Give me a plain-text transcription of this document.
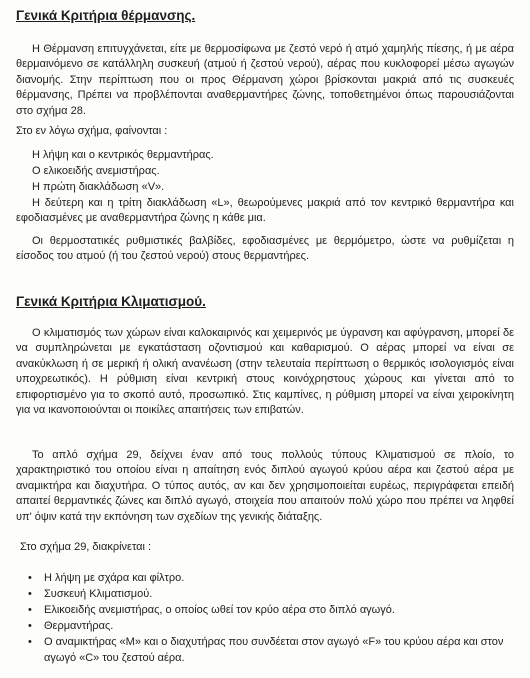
Γενικά Κριτήρια θέρμανσης.
Η Θέρμανση επιτυγχάνεται, είτε με θερμοσίφωνα με ζεστό νερό ή ατμό χαμηλής πίεσης, ή με αέρα θερμαινόμενο σε κατάλληλη συσκευή (ατμού ή ζεστού νερού), αέρας που κυκλοφορεί μέσω αγωγών διανομής. Στην περίπτωση που οι προς Θέρμανση χώροι βρίσκονται μακριά από τις συσκευές θέρμανσης, Πρέπει να προβλέπονται αναθερμαντήρες ζώνης, τοποθετημένοι όπως παρουσιάζονται στο σχήμα 28.
Στο εν λόγω σχήμα, φαίνονται :
Η λήψη και ο κεντρικός θερμαντήρας.
Ο ελικοειδής ανεμιστήρας.
Η πρώτη διακλάδωση «V».
Η δεύτερη και η τρίτη διακλάδωση «L», θεωρούμενες μακριά από τον κεντρικό θερμαντήρα και εφοδιασμένες με αναθερμαντήρα ζώνης η κάθε μια.
Οι θερμοστατικές ρυθμιστικές βαλβίδες, εφοδιασμένες με θερμόμετρο, ώστε να ρυθμίζεται η είσοδος του ατμού (ή του ζεστού νερού) στους θερμαντήρες.
Γενικά Κριτήρια Κλιματισμού.
Ο κλιματισμός των χώρων είναι καλοκαιρινός και χειμερινός με ύγρανση και αφύγρανση, μπορεί δε να συμπληρώνεται με εγκατάσταση οζοντισμού και καθαρισμού. Ο αέρας μπορεί να είναι σε ανακύκλωση ή σε μερική ή ολική ανανέωση (στην τελευταία περίπτωση ο θερμικός ισολογισμός είναι υποχρεωτικός). Η ρύθμιση είναι κεντρική στους κοινόχρηστους χώρους και γίνεται από το επιφορτισμένο για το σκοπό αυτό, προσωπικό. Στις καμπίνες, η ρύθμιση μπορεί να είναι χειροκίνητη για να ικανοποιούνται οι ποικίλες απαιτήσεις των επιβατών.
Το απλό σχήμα 29, δείχνει έναν από τους πολλούς τύπους Κλιματισμού σε πλοίο, το χαρακτηριστικό του οποίου είναι η απαίτηση ενός διπλού αγωγού κρύου αέρα και ζεστού αέρα με αναμικτήρα και διαχυτήρα. Ο τύπος αυτός, αν και δεν χρησιμοποιείται ευρέως, περιγράφεται επειδή απαιτεί θερμαντικές ζώνες και διπλό αγωγό, στοιχεία που απαιτούν πολύ χώρο που πρέπει να ληφθεί υπ' όψιν κατά την εκπόνηση των σχεδίων της γενικής διάταξης.
Στο σχήμα 29, διακρίνεται :
• Η λήψη με σχάρα και φίλτρο.
• Συσκευή Κλιματισμού.
• Ελικοειδής ανεμιστήρας, ο οποίος ωθεί τον κρύο αέρα στο διπλό αγωγό.
• Θερμαντήρας.
• Ο αναμικτήρας «Μ» και ο διαχυτήρας που συνδέεται στον αγωγό «F» του κρύου αέρα και στον αγωγό «C» του ζεστού αέρα.
